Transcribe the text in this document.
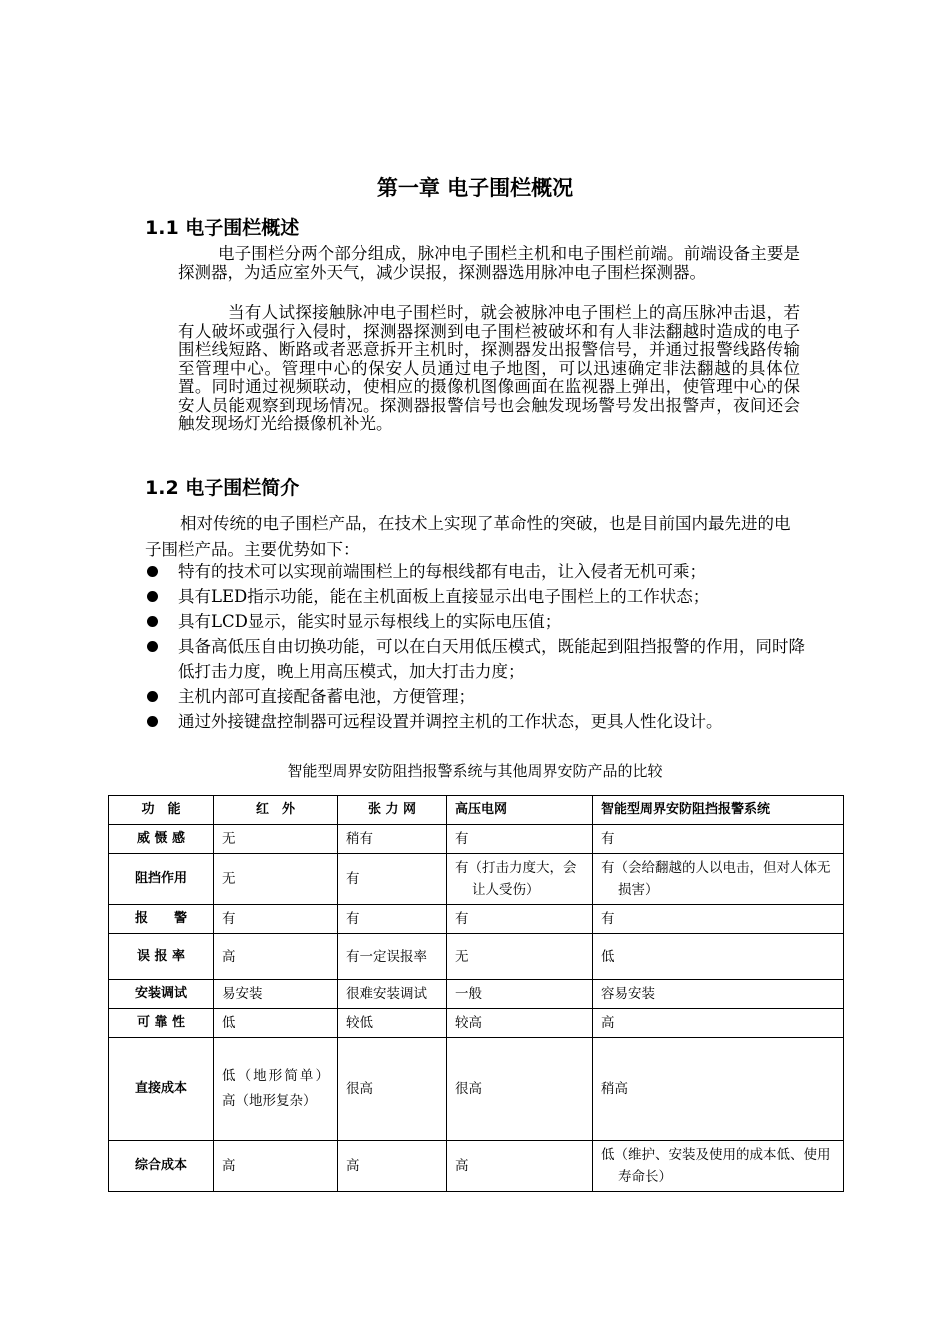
第一章 电子围栏概况
1.1 电子围栏概述

电子围栏分两个部分组成，脉冲电子围栏主机和电子围栏前端。前端设备主要是探测器，为适应室外天气，减少误报，探测器选用脉冲电子围栏探测器。

当有人试探接触脉冲电子围栏时，就会被脉冲电子围栏上的高压脉冲击退，若有人破坏或强行入侵时，探测器探测到电子围栏被破坏和有人非法翻越时造成的电子围栏线短路、断路或者恶意拆开主机时，探测器发出报警信号，并通过报警线路传输至管理中心。管理中心的保安人员通过电子地图，可以迅速确定非法翻越的具体位置。同时通过视频联动，使相应的摄像机图像画面在监视器上弹出，使管理中心的保安人员能观察到现场情况。探测器报警信号也会触发现场警号发出报警声，夜间还会触发现场灯光给摄像机补光。

1.2 电子围栏简介

相对传统的电子围栏产品，在技术上实现了革命性的突破，也是目前国内最先进的电子围栏产品。主要优势如下：

特有的技术可以实现前端围栏上的每根线都有电击，让入侵者无机可乘；
具有LED指示功能，能在主机面板上直接显示出电子围栏上的工作状态；
具有LCD显示，能实时显示每根线上的实际电压值；
具备高低压自由切换功能，可以在白天用低压模式，既能起到阻挡报警的作用，同时降低打击力度，晚上用高压模式，加大打击力度；
主机内部可直接配备蓄电池，方便管理；
通过外接键盘控制器可远程设置并调控主机的工作状态，更具人性化设计。
智能型周界安防阻挡报警系统与其他周界安防产品的比较
功　能	红　外	张 力 网	高压电网	智能型周界安防阻挡报警系统
威 慑 感	无	稍有	有	有
阻挡作用	无	有	有（打击力度大，会让人受伤）	有（会给翻越的人以电击，但对人体无损害）
报　　警	有	有	有	有
误 报 率	高	有一定误报率	无	低
安装调试	易安装	很难安装调试	一般	容易安装
可 靠 性	低	较低	较高	高
直接成本	低（地形简单）高（地形复杂）	很高	很高	稍高
综合成本	高	高	高	低（维护、安装及使用的成本低、使用寿命长）
